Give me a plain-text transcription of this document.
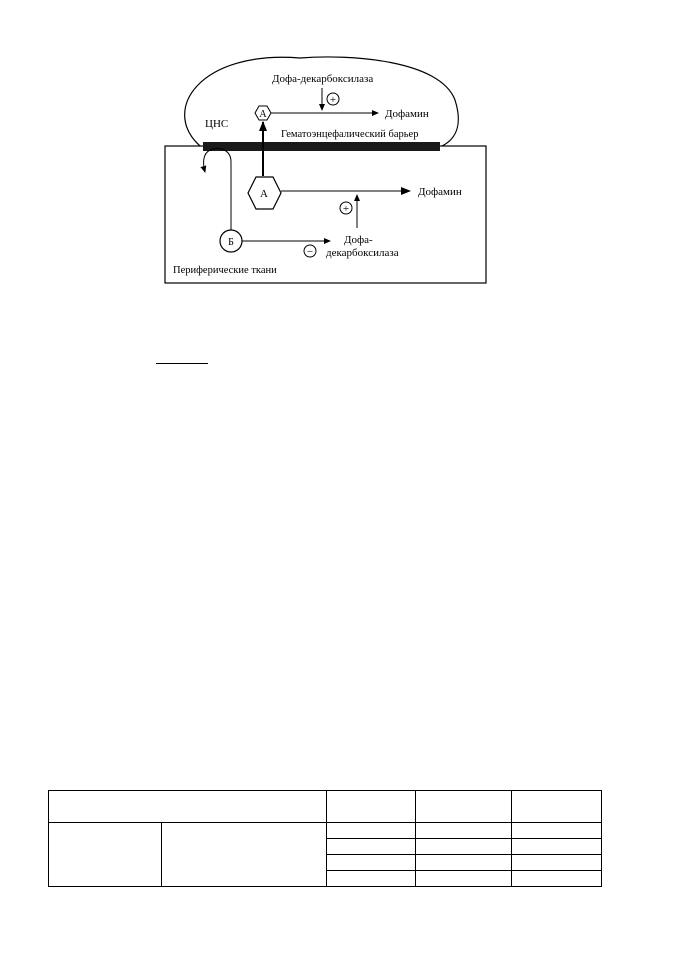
ЦНС
Дофа-декарбоксилаза
Гематоэнцефалический барьер
А
+
Дофамин
А	Дофамин
+
Дофа-
декарбоксилаза
Б
−
Периферические ткани
